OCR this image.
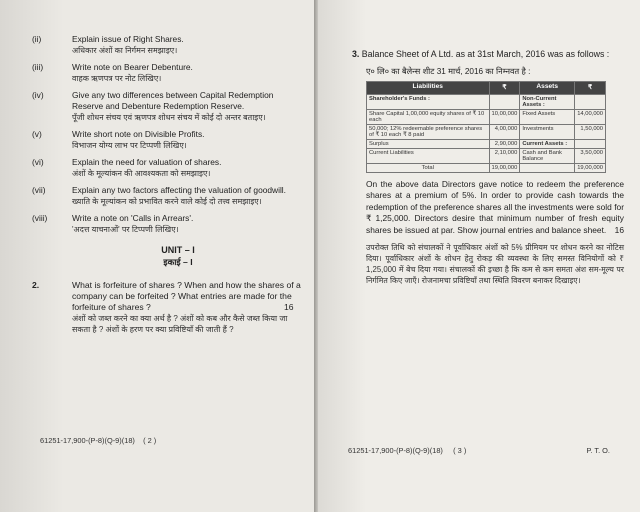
(ii)	Explain issue of Right Shares.
अधिकार अंशों का निर्गमन समझाइए।
(iii)	Write note on Bearer Debenture.
वाहक ऋणपत्र पर नोट लिखिए।
(iv)	Give any two differences between Capital Redemption Reserve and Debenture Redemption Reserve.
पूँजी शोधन संचय एवं ऋणपत्र शोधन संचय में कोई दो अन्तर बताइए।
(v)	Write short note on Divisible Profits.
विभाजन योग्य लाभ पर टिप्पणी लिखिए।
(vi)	Explain the need for valuation of shares.
अंशों के मूल्यांकन की आवश्यकता को समझाइए।
(vii)	Explain any two factors affecting the valuation of goodwill.
ख्याति के मूल्यांकन को प्रभावित करने वाले कोई दो तत्त्व समझाइए।
(viii)	Write a note on 'Calls in Arrears'.
'अदत्त याचनाओं' पर टिप्पणी लिखिए।
UNIT – I
इकाई – I
2.	What is forfeiture of shares ? When and how the shares of a company can be forfeited ? What entries are made for the forfeiture of shares ?	16
अंशों को जब्त करने का क्या अर्थ है ? अंशों को कब और कैसे जब्त किया जा सकता है ? अंशों के हरण पर क्या प्रविष्टियाँ की जाती हैं ?
61251-17,900-(P-8)(Q-9)(18) ( 2 )
3. Balance Sheet of A Ltd. as at 31st March, 2016 was as follows :
ए० लि० का बैलेन्स शीट 31 मार्च, 2016 का निम्नवत है :
Liabilities	₹	Assets	₹
Shareholder's Funds :		Non-Current Assets :	
Share Capital 1,00,000 equity shares of ₹ 10 each	10,00,000	Fixed Assets	14,00,000
50,000; 12% redeemable preference shares of ₹ 10 each ₹ 8 paid	4,00,000	Investments	1,50,000
Surplus	2,90,000	Current Assets :	
Current Liabilities	2,10,000	Cash and Bank Balance	3,50,000
Total	19,00,000		19,00,000
On the above data Directors gave notice to redeem the preference shares at a premium of 5%. In order to provide cash towards the redemption of the preference shares all the investments were sold for ₹ 1,25,000. Directors desire that minimum number of fresh equity shares be issued at par. Show journal entries and balance sheet. 16
उपरोक्त तिथि को संचालकों ने पूर्वाधिकार अंशों को 5% प्रीमियम पर शोधन करने का नोटिस दिया। पूर्वाधिकार अंशों के शोधन हेतु रोकड़ की व्यवस्था के लिए समस्त विनियोगों को ₹ 1,25,000 में बेच दिया गया। संचालकों की इच्छा है कि कम से कम समता अंश सम-मूल्य पर निर्गमित किए जाएँ। रोजनामचा प्रविष्टियाँ तथा स्थिति विवरण बनाकर दिखाइए।
61251-17,900-(P-8)(Q-9)(18) ( 3 )	P. T. O.
